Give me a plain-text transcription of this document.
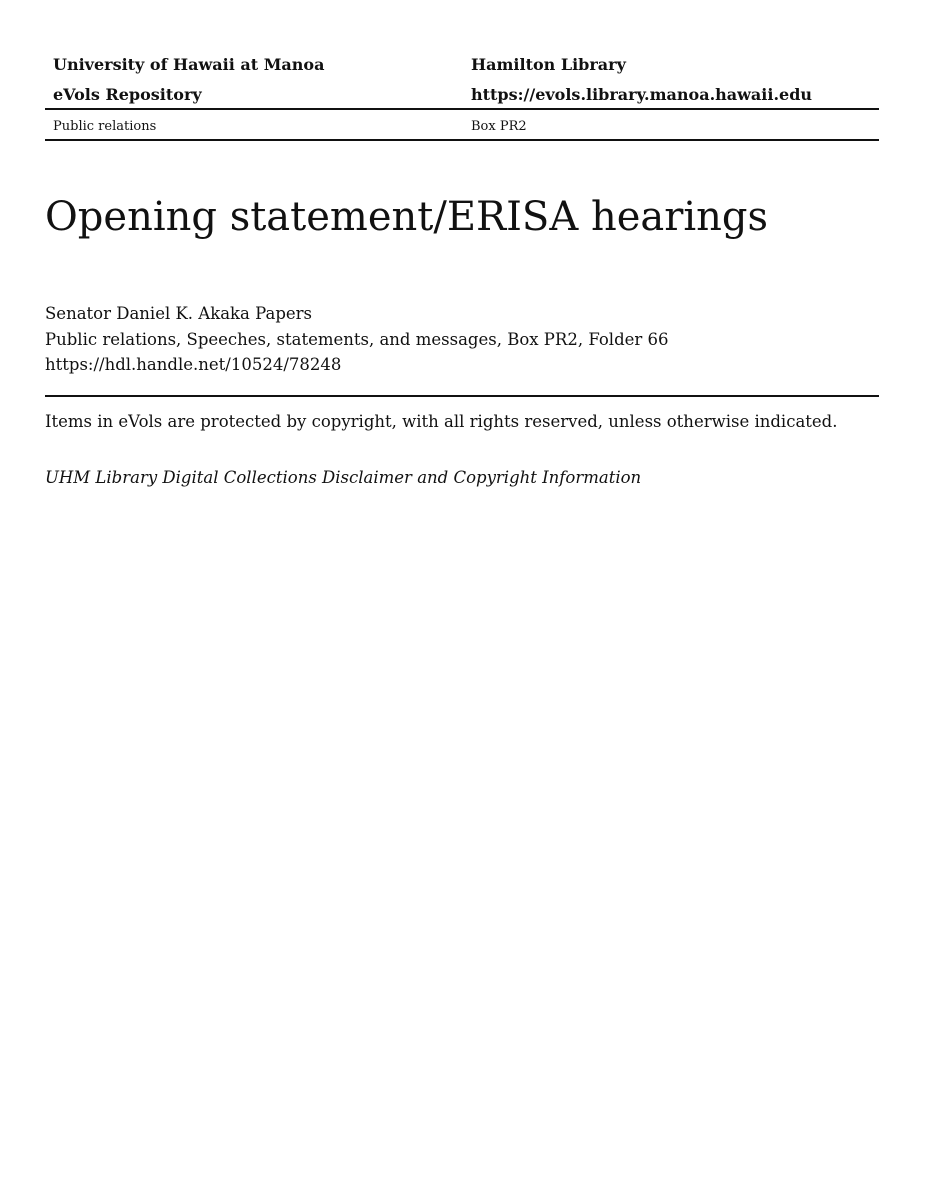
University of Hawaii at Manoa	Hamilton Library
eVols Repository	https://evols.library.manoa.hawaii.edu
Public relations	Box PR2
Opening statement/ERISA hearings
Senator Daniel K. Akaka Papers
Public relations, Speeches, statements, and messages, Box PR2, Folder 66
https://hdl.handle.net/10524/78248
Items in eVols are protected by copyright, with all rights reserved, unless otherwise indicated.
UHM Library Digital Collections Disclaimer and Copyright Information
